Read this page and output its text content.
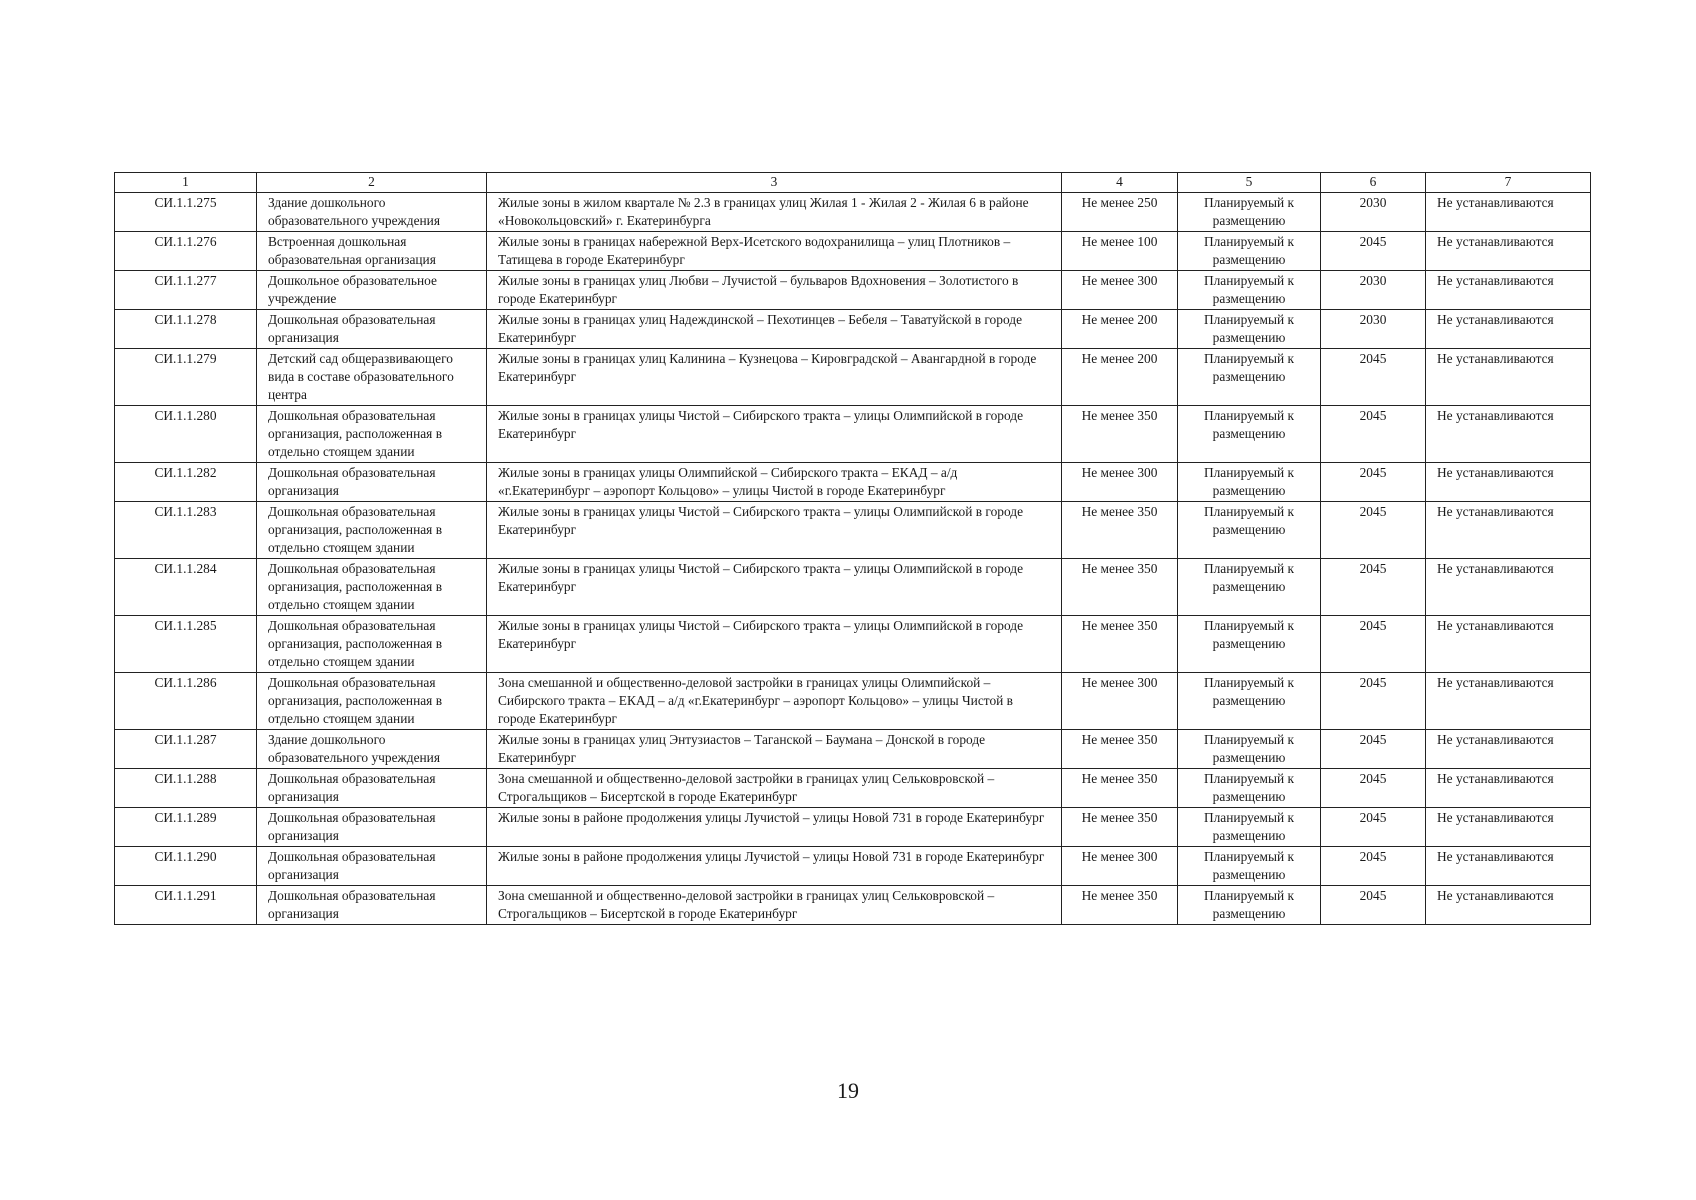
1	2	3	4	5	6	7
СИ.1.1.275	Здание дошкольного образовательного учреждения	Жилые зоны в жилом квартале № 2.3 в границах улиц Жилая 1 - Жилая 2 - Жилая 6 в районе «Новокольцовский» г. Екатеринбурга	Не менее 250	Планируемый к размещению	2030	Не устанавливаются
СИ.1.1.276	Встроенная дошкольная образовательная организация	Жилые зоны в границах набережной Верх-Исетского водохранилища – улиц Плотников – Татищева в городе Екатеринбург	Не менее 100	Планируемый к размещению	2045	Не устанавливаются
СИ.1.1.277	Дошкольное образовательное учреждение	Жилые зоны в границах улиц Любви – Лучистой – бульваров Вдохновения – Золотистого в городе Екатеринбург	Не менее 300	Планируемый к размещению	2030	Не устанавливаются
СИ.1.1.278	Дошкольная образовательная организация	Жилые зоны в границах улиц Надеждинской – Пехотинцев – Бебеля – Таватуйской в городе Екатеринбург	Не менее 200	Планируемый к размещению	2030	Не устанавливаются
СИ.1.1.279	Детский сад общеразвивающего вида в составе образовательного центра	Жилые зоны в границах улиц Калинина – Кузнецова – Кировградской – Авангардной в городе Екатеринбург	Не менее 200	Планируемый к размещению	2045	Не устанавливаются
СИ.1.1.280	Дошкольная образовательная организация, расположенная в отдельно стоящем здании	Жилые зоны в границах улицы Чистой – Сибирского тракта – улицы Олимпийской в городе Екатеринбург	Не менее 350	Планируемый к размещению	2045	Не устанавливаются
СИ.1.1.282	Дошкольная образовательная организация	Жилые зоны в границах улицы Олимпийской – Сибирского тракта – ЕКАД – а/д «г.Екатеринбург – аэропорт Кольцово» – улицы Чистой в городе Екатеринбург	Не менее 300	Планируемый к размещению	2045	Не устанавливаются
СИ.1.1.283	Дошкольная образовательная организация, расположенная в отдельно стоящем здании	Жилые зоны в границах улицы Чистой – Сибирского тракта – улицы Олимпийской в городе Екатеринбург	Не менее 350	Планируемый к размещению	2045	Не устанавливаются
СИ.1.1.284	Дошкольная образовательная организация, расположенная в отдельно стоящем здании	Жилые зоны в границах улицы Чистой – Сибирского тракта – улицы Олимпийской в городе Екатеринбург	Не менее 350	Планируемый к размещению	2045	Не устанавливаются
СИ.1.1.285	Дошкольная образовательная организация, расположенная в отдельно стоящем здании	Жилые зоны в границах улицы Чистой – Сибирского тракта – улицы Олимпийской в городе Екатеринбург	Не менее 350	Планируемый к размещению	2045	Не устанавливаются
СИ.1.1.286	Дошкольная образовательная организация, расположенная в отдельно стоящем здании	Зона смешанной и общественно-деловой застройки в границах улицы Олимпийской – Сибирского тракта – ЕКАД – а/д «г.Екатеринбург – аэропорт Кольцово» – улицы Чистой в городе Екатеринбург	Не менее 300	Планируемый к размещению	2045	Не устанавливаются
СИ.1.1.287	Здание дошкольного образовательного учреждения	Жилые зоны в границах улиц Энтузиастов – Таганской – Баумана – Донской в городе Екатеринбург	Не менее 350	Планируемый к размещению	2045	Не устанавливаются
СИ.1.1.288	Дошкольная образовательная организация	Зона смешанной и общественно-деловой застройки в границах улиц Сельковровской – Строгальщиков – Бисертской в городе Екатеринбург	Не менее 350	Планируемый к размещению	2045	Не устанавливаются
СИ.1.1.289	Дошкольная образовательная организация	Жилые зоны в районе продолжения улицы Лучистой – улицы Новой 731 в городе Екатеринбург	Не менее 350	Планируемый к размещению	2045	Не устанавливаются
СИ.1.1.290	Дошкольная образовательная организация	Жилые зоны в районе продолжения улицы Лучистой – улицы Новой 731 в городе Екатеринбург	Не менее 300	Планируемый к размещению	2045	Не устанавливаются
СИ.1.1.291	Дошкольная образовательная организация	Зона смешанной и общественно-деловой застройки в границах улиц Сельковровской – Строгальщиков – Бисертской в городе Екатеринбург	Не менее 350	Планируемый к размещению	2045	Не устанавливаются
19
